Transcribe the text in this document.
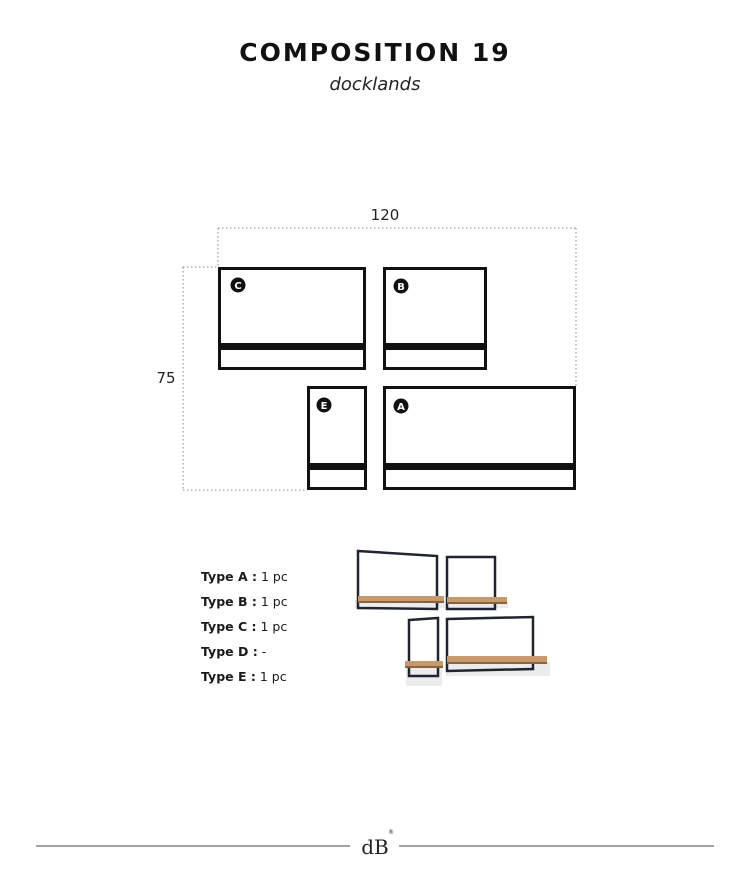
COMPOSITION 19
docklands
120
75
C	B
E	A
dB
®
Type A : 1 pc
Type B : 1 pc
Type C : 1 pc
Type D : -
Type E : 1 pc
